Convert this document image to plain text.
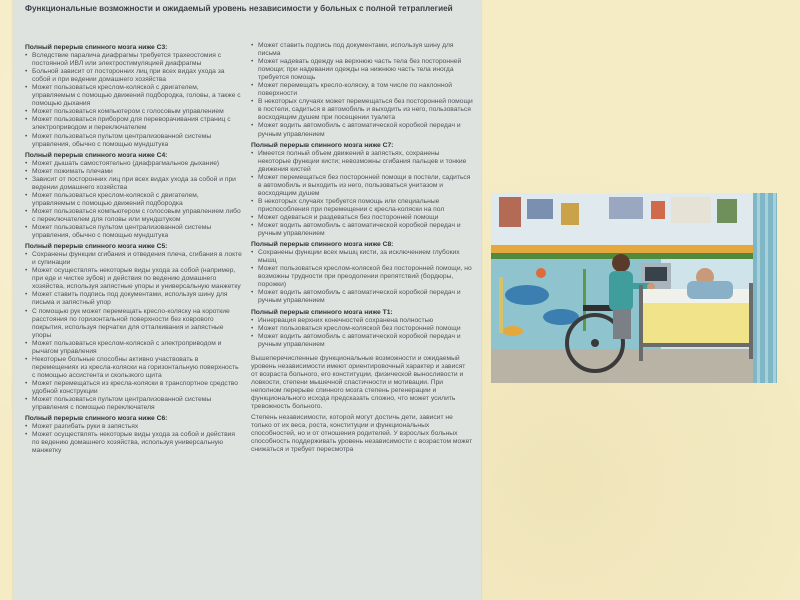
Функциональные возможности и ожидаемый уровень независимости у больных с полной тетраплегией
Полный перерыв спинного мозга ниже С3:
• Вследствие паралича диафрагмы требуется трахеостомия с постоянной ИВЛ или электростимуляцией диафрагмы
• Больной зависит от посторонних лиц при всех видах ухода за собой и при ведении домашнего хозяйства
• Может пользоваться креслом-коляской с двигателем, управляемым с помощью движений подбородка, головы, а также с помощью дыхания
• Может пользоваться компьютером с голосовым управлением
• Может пользоваться прибором для переворачивания страниц с электроприводом и переключателем
• Может пользоваться пультом централизованной системы управления, обычно с помощью мундштука
Полный перерыв спинного мозга ниже С4:
• Может дышать самостоятельно (диафрагмальное дыхание)
• Может пожимать плечами
• Зависит от посторонних лиц при всех видах ухода за собой и при ведении домашнего хозяйства
• Может пользоваться креслом-коляской с двигателем, управляемым с помощью движений подбородка
• Может пользоваться компьютером с голосовым управлением либо с переключателем для головы или мундштуком
• Может пользоваться пультом централизованной системы управления, обычно с помощью мундштука
Полный перерыв спинного мозга ниже С5:
• Сохранены функции сгибания и отведения плеча, сгибания в локте и супинации
• Может осуществлять некоторые виды ухода за собой (например, при еде и чистке зубов) и действия по ведению домашнего хозяйства, используя запястные упоры и универсальную манжетку
• Может ставить подпись под документами, используя шину для письма и запястный упор
• С помощью рук может перемещать кресло-коляску на короткие расстояния по горизонтальной поверхности без коврового покрытия, используя перчатки для отталкивания и запястные упоры
• Может пользоваться креслом-коляской с электроприводом и рычагом управления
• Некоторые больные способны активно участвовать в перемещениях из кресла-коляски на горизонтальную поверхность с помощью ассистента и скользкого щита
• Может перемещаться из кресла-коляски в транспортное средство удобной конструкции
• Может пользоваться пультом централизованной системы управления с помощью переключателя
Полный перерыв спинного мозга ниже С6:
• Может разгибать руки в запястьях
• Может осуществлять некоторые виды ухода за собой и действия по ведению домашнего хозяйства, используя универсальную манжетку
• Может ставить подпись под документами, используя шину для письма
• Может надевать одежду на верхнюю часть тела без посторонней помощи; при надевании одежды на нижнюю часть тела иногда требуется помощь
• Может перемещать кресло-коляску, в том числе по наклонной поверхности
• В некоторых случаях может перемещаться без посторонней помощи в постели, садиться в автомобиль и выходить из него, пользоваться восходящим душем при посещении туалета
• Может водить автомобиль с автоматической коробкой передач и ручным управлением
Полный перерыв спинного мозга ниже С7:
• Имеется полный объем движений в запястьях, сохранены некоторые функции кисти; невозможны сгибания пальцев и тонкие движения кистей
• Может перемещаться без посторонней помощи в постели, садиться в автомобиль и выходить из него, пользоваться унитазом и восходящим душем
• В некоторых случаях требуется помощь или специальные приспособления при перемещении с кресла-коляски на пол
• Может одеваться и раздеваться без посторонней помощи
• Может водить автомобиль с автоматической коробкой передач и ручным управлением
Полный перерыв спинного мозга ниже С8:
• Сохранены функции всех мышц кисти, за исключением глубоких мышц
• Может пользоваться креслом-коляской без посторонней помощи, но возможны трудности при преодолении препятствий (бордюры, порожки)
• Может водить автомобиль с автоматической коробкой передач и ручным управлением
Полный перерыв спинного мозга ниже Т1:
• Иннервация верхних конечностей сохранена полностью
• Может пользоваться креслом-коляской без посторонней помощи
• Может водить автомобиль с автоматической коробкой передач и ручным управлением
Вышеперечисленные функциональные возможности и ожидаемый уровень независимости имеют ориентировочный характер и зависят от возраста больного, его конституции, физической выносливости и ловкости, степени мышечной спастичности и мотивации. При неполном перерыве спинного мозга степень регенерации и функционального исхода предсказать сложно, что может усилить тревожность больного.
Степень независимости, которой могут достичь дети, зависит не только от их веса, роста, конституции и функциональных способностей, но и от отношения родителей. У взрослых больных способность поддерживать уровень независимости с возрастом может снижаться и требует пересмотра
